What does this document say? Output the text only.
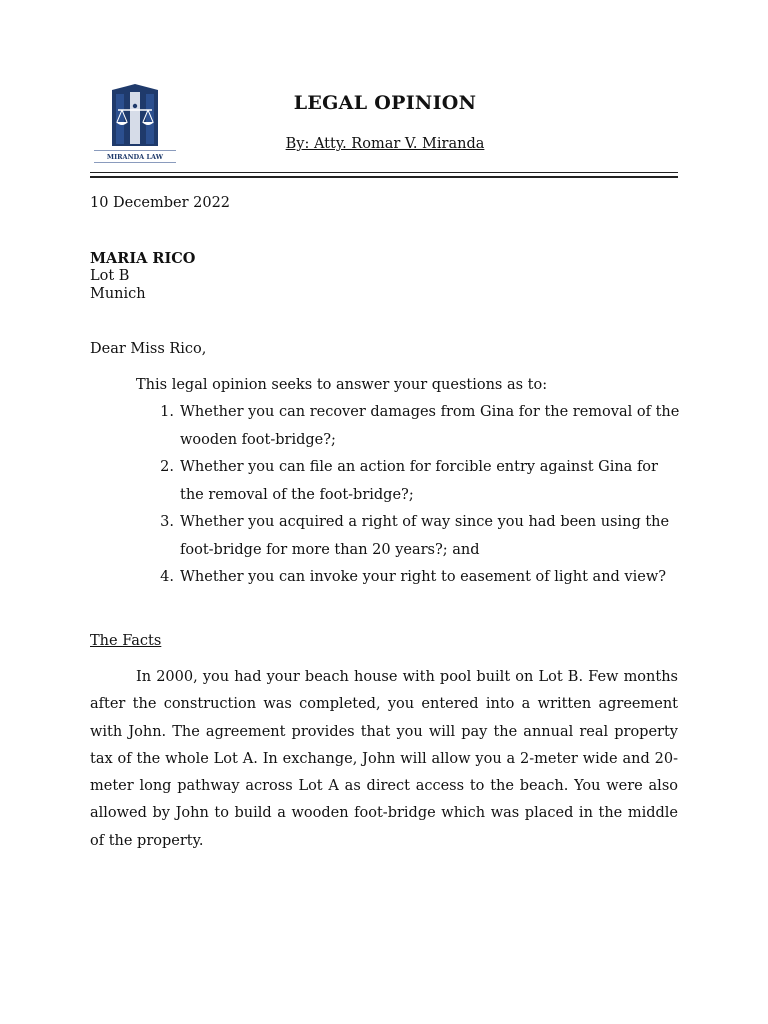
MIRANDA LAW
LEGAL OPINION
By: Atty. Romar V. Miranda
10 December 2022
MARIA RICO
Lot B
Munich
Dear Miss Rico,
This legal opinion seeks to answer your questions as to:
1. Whether you can recover damages from Gina for the removal of the wooden foot-bridge?;
2. Whether you can file an action for forcible entry against Gina for the removal of the foot-bridge?;
3. Whether you acquired a right of way since you had been using the foot-bridge for more than 20 years?; and
4. Whether you can invoke your right to easement of light and view?
The Facts
In 2000, you had your beach house with pool built on Lot B. Few months after the construction was completed, you entered into a written agreement with John. The agreement provides that you will pay the annual real property tax of the whole Lot A. In exchange, John will allow you a 2-meter wide and 20-meter long pathway across Lot A as direct access to the beach. You were also allowed by John to build a wooden foot-bridge which was placed in the middle of the property.
